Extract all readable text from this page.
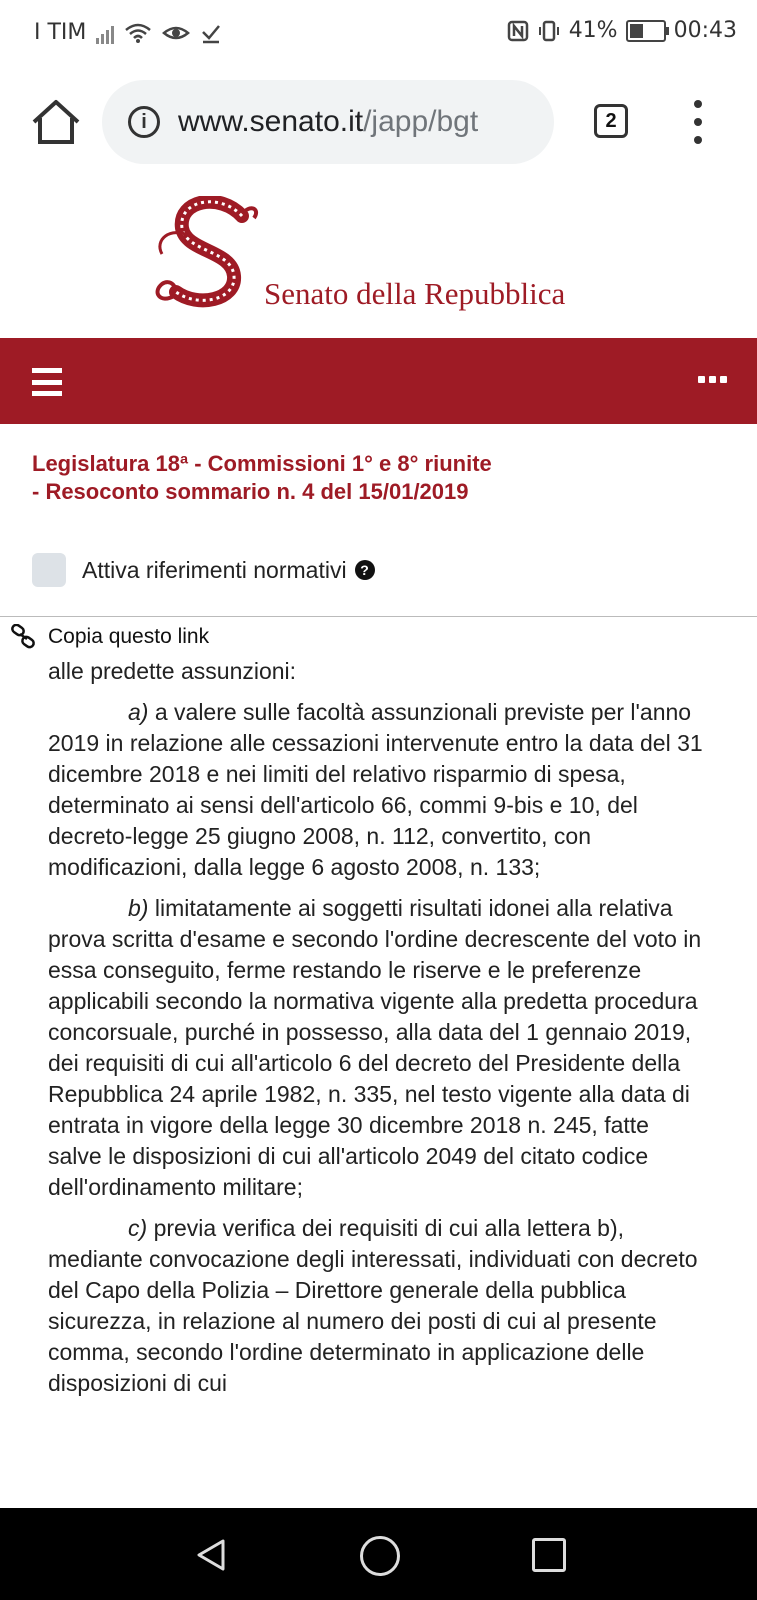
I TIM	41%	00:43
i	www.senato.it/japp/bgt	2
Senato della Repubblica
Legislatura 18ª - Commissioni 1° e 8° riunite - Resoconto sommario n. 4 del 15/01/2019
Attiva riferimenti normativi ?

alle predette assunzioni:

a) a valere sulle facoltà assunzionali previste per l'anno 2019 in relazione alle cessazioni intervenute entro la data del 31 dicembre 2018 e nei limiti del relativo risparmio di spesa, determinato ai sensi dell'articolo 66, commi 9-bis e 10, del decreto-legge 25 giugno 2008, n. 112, convertito, con modificazioni, dalla legge 6 agosto 2008, n. 133;

b) limitatamente ai soggetti risultati idonei alla relativa prova scritta d'esame e secondo l'ordine decrescente del voto in essa conseguito, ferme restando le riserve e le preferenze applicabili secondo la normativa vigente alla predetta procedura concorsuale, purché in possesso, alla data del 1 gennaio 2019, dei requisiti di cui all'articolo 6 del decreto del Presidente della Repubblica 24 aprile 1982, n. 335, nel testo vigente alla data di entrata in vigore della legge 30 dicembre 2018 n. 245, fatte salve le disposizioni di cui all'articolo 2049 del citato codice dell'ordinamento militare;

c) previa verifica dei requisiti di cui alla lettera b), mediante convocazione degli interessati, individuati con decreto del Capo della Polizia – Direttore generale della pubblica sicurezza, in relazione al numero dei posti di cui al presente comma, secondo l'ordine determinato in applicazione delle disposizioni di cui

Copia questo link
